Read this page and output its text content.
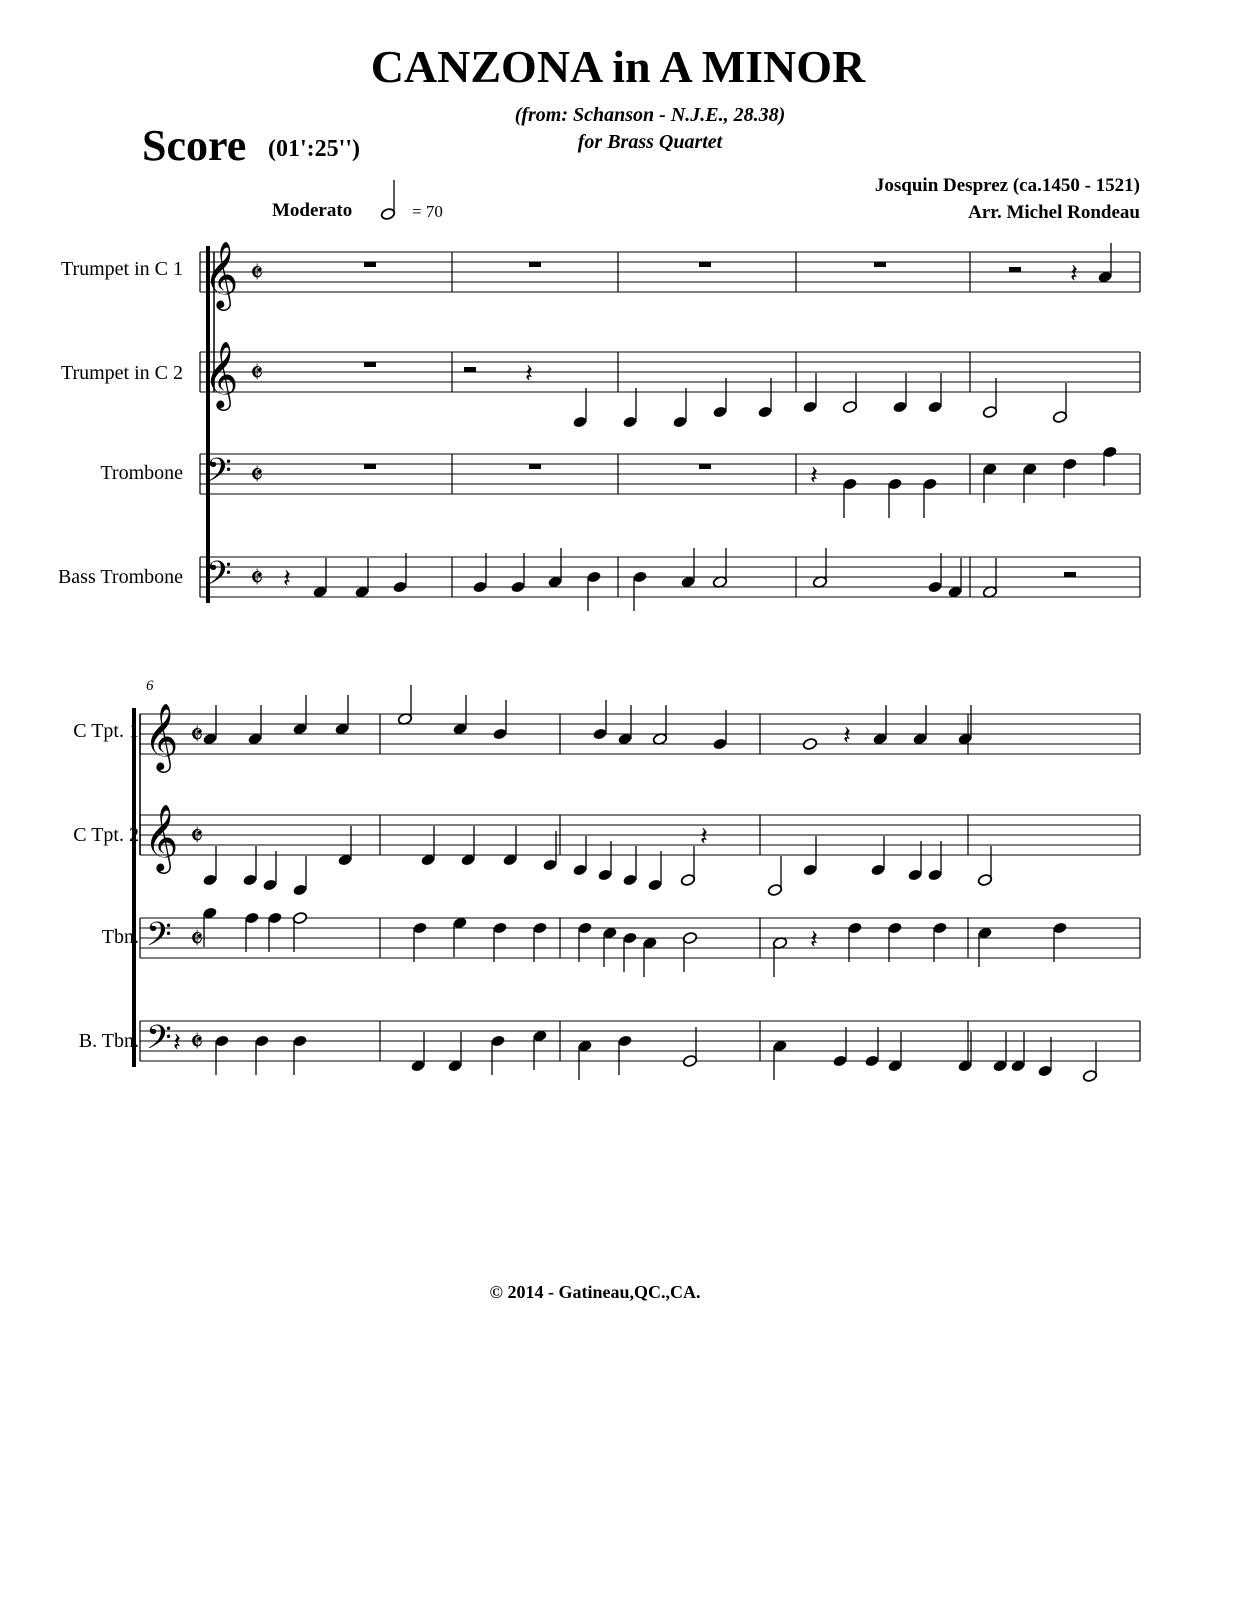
CANZONA in A MINOR
(from: Schanson - N.J.E., 28.38)
for Brass Quartet
Score (01':25'')
Josquin Desprez (ca.1450 - 1521)
Arr. Michel Rondeau
Moderato	= 70
Trumpet in C 1
Trumpet in C 2
Trombone
Bass Trombone
C Tpt. 1
C Tpt. 2
Tbn.
B. Tbn.
6
𝄞 𝄵
𝄞 𝄵
𝄢 𝄵
𝄢 𝄵
𝄞 𝄵
𝄞 𝄵
𝄢 𝄵
𝄢 𝄵
𝄽
𝄽
𝄽
𝄽
𝄽
𝄽
𝄽
𝄽
© 2014 - Gatineau,QC.,CA.
